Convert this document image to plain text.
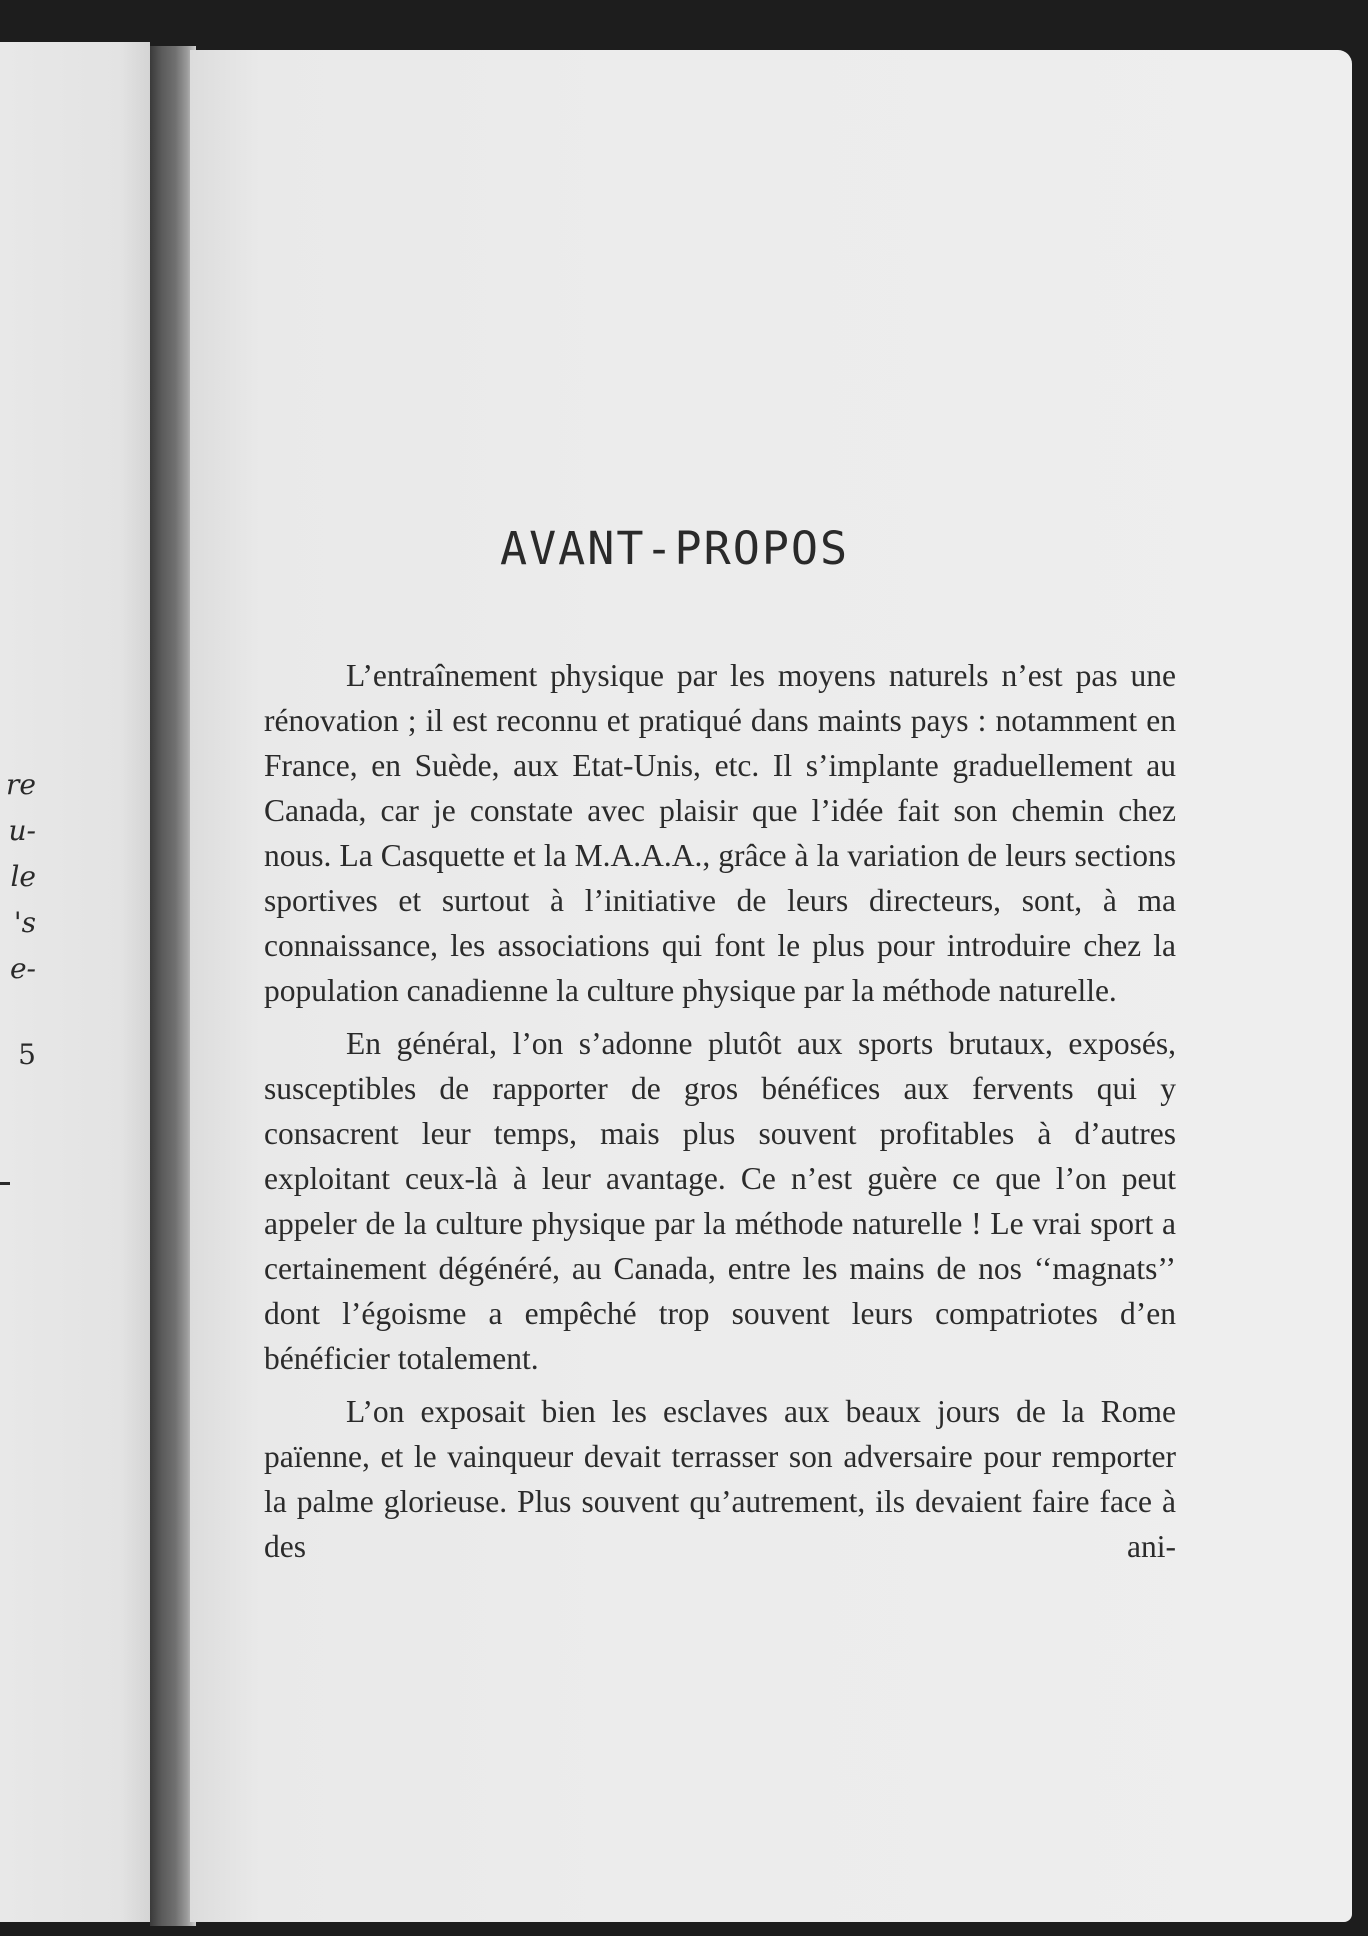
re
u-
le
's
e-
5
AVANT-PROPOS

L’entraînement physique par les moyens naturels n’est pas une rénovation ; il est reconnu et pratiqué dans maints pays : notamment en France, en Suède, aux Etat-Unis, etc. Il s’implante graduellement au Canada, car je constate avec plaisir que l’idée fait son chemin chez nous. La Casquette et la M.A.A.A., grâce à la variation de leurs sections sportives et surtout à l’initiative de leurs directeurs, sont, à ma connaissance, les associations qui font le plus pour introduire chez la population canadienne la culture physique par la méthode naturelle.

En général, l’on s’adonne plutôt aux sports brutaux, exposés, susceptibles de rapporter de gros bénéfices aux fervents qui y consacrent leur temps, mais plus souvent profitables à d’autres exploitant ceux-là à leur avantage. Ce n’est guère ce que l’on peut appeler de la culture physique par la méthode naturelle ! Le vrai sport a certainement dégénéré, au Canada, entre les mains de nos ‘‘magnats’’ dont l’égoisme a empêché trop souvent leurs compatriotes d’en bénéficier totalement.

L’on exposait bien les esclaves aux beaux jours de la Rome païenne, et le vainqueur devait terrasser son adversaire pour remporter la palme glorieuse. Plus souvent qu’autrement, ils devaient faire face à des ani-
